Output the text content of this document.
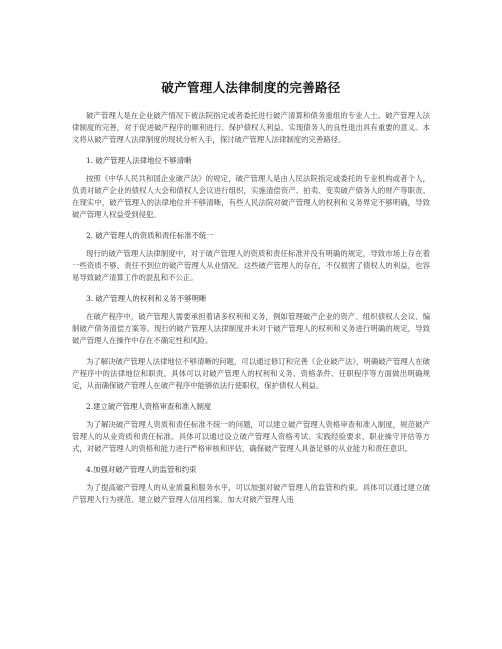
破产管理人法律制度的完善路径

破产管理人是在企业破产情况下被法院指定或者委托进行破产清算和债务重组的专业人士。破产管理人法律制度的完善，对于促进破产程序的顺利进行、保护债权人利益、实现债务人的良性退出具有重要的意义。本文将从破产管理人法律制度的现状分析入手，探讨破产管理人法律制度的完善路径。

1. 破产管理人法律地位不够清晰

按照《中华人民共和国企业破产法》的规定，破产管理人是由人民法院指定或委托的专业机构或者个人，负责对破产企业的债权人大会和债权人会议进行组织，实施清偿资产、拍卖、变卖破产债务人的财产等职责。在现实中，破产管理人的法律地位并不够清晰，有些人民法院对破产管理人的权利和义务界定不够明确，导致破产管理人权益受到侵犯。

2. 破产管理人的资质和责任标准不统一

现行的破产管理人法律制度中，对于破产管理人的资质和责任标准并没有明确的规定，导致市场上存在着一些资质不够、责任不到位的破产管理人从业情况。这些破产管理人的存在，不仅损害了债权人的利益，也容易导致破产清算工作的混乱和不公正。

3. 破产管理人的权利和义务不够明晰

在破产程序中，破产管理人需要承担着诸多权利和义务，例如管理破产企业的资产、组织债权人会议、编制破产债务清偿方案等。现行的破产管理人法律制度并未对于破产管理人的权利和义务进行明确的规定，导致破产管理人在操作中存在不确定性和风险。

为了解决破产管理人法律地位不够清晰的问题，可以通过修订和完善《企业破产法》，明确破产管理人在破产程序中的法律地位和职责。具体可以对破产管理人的权利和义务、资格条件、任职程序等方面做出明确规定，从而确保破产管理人在破产程序中能够依法行使职权，保护债权人利益。

2.建立破产管理人资格审查和准入制度

为了解决破产管理人资质和责任标准不统一的问题，可以建立破产管理人资格审查和准入制度，规范破产管理人的从业资质和责任标准。具体可以通过设立破产管理人资格考试、实践经验要求、职业操守评估等方式，对破产管理人的资格和能力进行严格审核和评估，确保破产管理人具备足够的从业能力和责任意识。

4.加强对破产管理人的监管和约束

为了提高破产管理人的从业质量和服务水平，可以加强对破产管理人的监管和约束。具体可以通过建立破产管理人行为规范、建立破产管理人信用档案、加大对破产管理人违
